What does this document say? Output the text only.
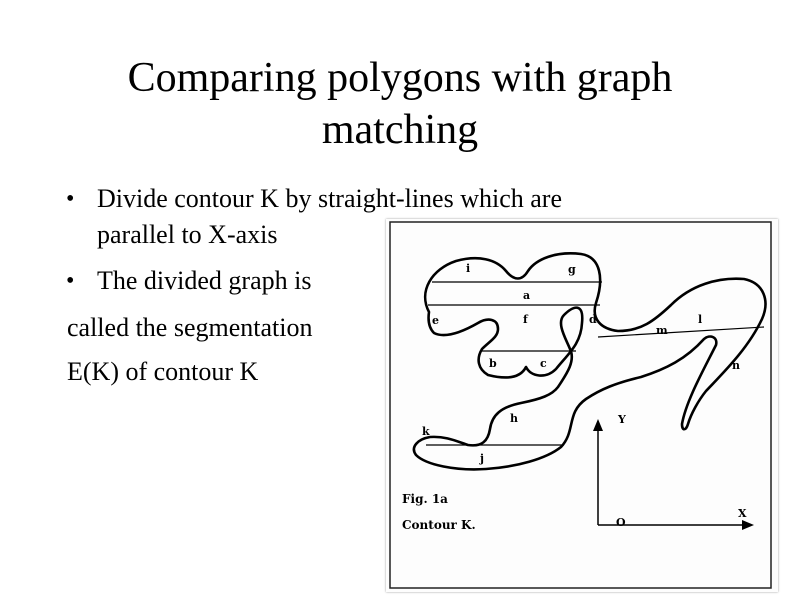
Comparing polygons with graph
matching
• Divide contour K by straight-lines which are
parallel to X-axis
• The divided graph is
called the segmentation
E(K) of contour K
i	g
a
e	f	d
b	c
m
l
n
h
k
j
Y
X
O
Fig. 1a
Contour K.
